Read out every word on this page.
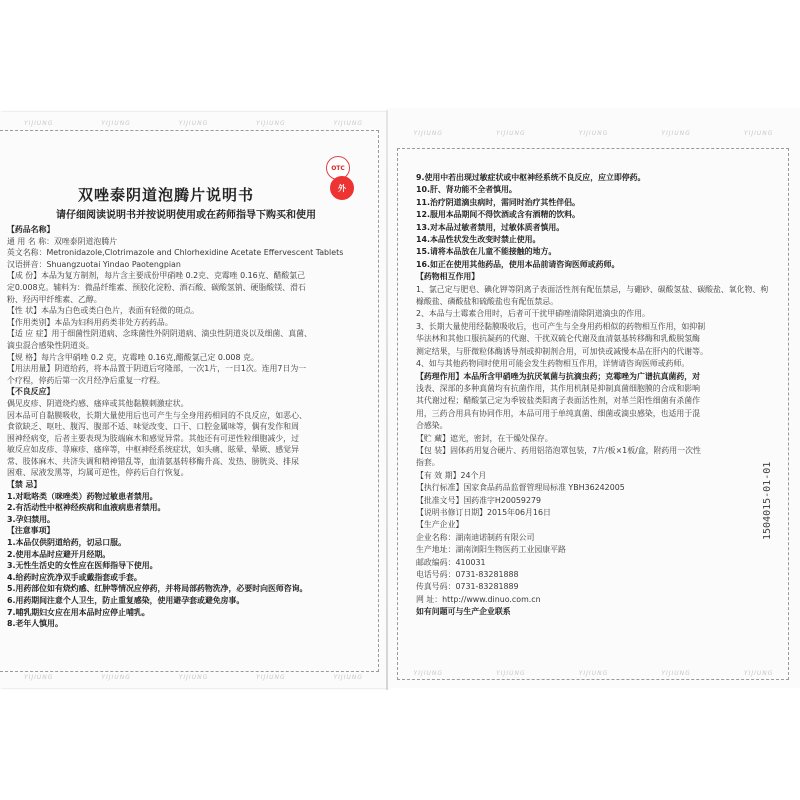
YIJIUNG	YIJIUNG	YIJIUNG	YIJIUNG	YIJIUNG
YIJIUNG	YIJIUNG	YIJIUNG	YIJIUNG	YIJIUNG
YIJIUNG	YIJIUNG	YIJIUNG	YIJIUNG	YIJIUNG
YIJIUNG	YIJIUNG	YIJIUNG	YIJIUNG	YIJIUNG
双唑泰阴道泡腾片说明书
请仔细阅读说明书并按说明使用或在药师指导下购买和使用
OTC
外
【药品名称】
通 用 名 称：双唑泰阴道泡腾片
英文名称：Metronidazole,Clotrimazole and Chlorhexidine Acetate Effervescent Tablets
汉语拼音：Shuangzuotai Yindao Paotengpian
【成 份】本品为复方制剂，每片含主要成份甲硝唑 0.2克、克霉唑 0.16克、醋酸氯己
定0.008克。辅料为：微晶纤维素、预胶化淀粉、酒石酸、碳酸氢钠、硬脂酸镁、滑石
粉、羟丙甲纤维素、乙醇。
【性 状】本品为白色或类白色片，表面有轻微的斑点。
【作用类别】本品为妇科用药类非处方药药品。
【适 应 症】用于细菌性阴道病、念珠菌性外阴阴道病、滴虫性阴道炎以及细菌、真菌、
滴虫混合感染性阴道炎。
【规 格】每片含甲硝唑 0.2 克，克霉唑 0.16克,醋酸氯己定 0.008 克。
【用法用量】阴道给药，将本品置于阴道后穹隆部，一次1片，一日1次。连用7日为一
个疗程，停药后第一次月经净后重复一疗程。
【不良反应】
偶见皮疹、阴道烧灼感、瘙痒或其他黏膜刺激症状。
因本品可自黏膜吸收，长期大量使用后也可产生与全身用药相同的不良反应，如恶心、
食欲缺乏、呕吐、腹泻、腹部不适、味觉改变、口干、口腔金属味等，偶有发作和周
围神经病变，后者主要表现为肢端麻木和感觉异常。其他还有可逆性粒细胞减少，过
敏反应如皮疹、荨麻疹、瘙痒等，中枢神经系统症状，如头痛、眩晕、晕厥、感觉异
常、肢体麻木、共济失调和精神错乱等，血清氨基转移酶升高、发热、膀胱炎、排尿
困难、尿液发黑等，均属可逆性，停药后自行恢复。
【禁 忌】
1.对吡咯类（咪唑类）药物过敏患者禁用。
2.有活动性中枢神经疾病和血液病患者禁用。
3.孕妇禁用。
【注意事项】
1.本品仅供阴道给药，切忌口服。
2.使用本品时应避开月经期。
3.无性生活史的女性应在医师指导下使用。
4.给药时应洗净双手或戴指套或手套。
5.用药部位如有烧灼感、红肿等情况应停药，并将局部药物洗净，必要时向医师咨询。
6.用药期间注意个人卫生，防止重复感染，使用避孕套或避免房事。
7.哺乳期妇女应在用本品时应停止哺乳。
8.老年人慎用。
9.使用中若出现过敏症状或中枢神经系统不良反应，应立即停药。
10.肝、肾功能不全者慎用。
11.治疗阴道滴虫病时，需同时治疗其性伴侣。
12.服用本品期间不得饮酒或含有酒精的饮料。
13.对本品过敏者禁用，过敏体质者慎用。
14.本品性状发生改变时禁止使用。
15.请将本品放在儿童不能接触的地方。
16.如正在使用其他药品，使用本品前请咨询医师或药师。
【药物相互作用】
1、氯己定与肥皂、碘化钾等阴离子表面活性剂有配伍禁忌，与硼砂、碳酸氢盐、碳酸盐、氧化物、枸
橼酸盐、磷酸盐和硫酸盐也有配伍禁忌。
2、本品与土霉素合用时，后者可干扰甲硝唑清除阴道滴虫的作用。
3、长期大量使用经黏膜吸收后，也可产生与全身用药相似的药物相互作用，如抑制
华法林和其他口服抗凝药的代谢、干扰双硫仑代谢及血清氨基转移酶和乳酸脱氢酶
测定结果，与肝微粒体酶诱导剂或抑制剂合用，可加快或减慢本品在肝内的代谢等。
4、如与其他药物同时使用可能会发生药物相互作用，详情请咨询医师或药师。
【药理作用】本品所含甲硝唑为抗厌氧菌与抗滴虫药；克霉唑为广谱抗真菌药，对
浅表、深部的多种真菌均有抗菌作用，其作用机制是抑制真菌细胞膜的合成和影响
其代谢过程；醋酸氯己定为季铵盐类阳离子表面活性剂，对革兰阳性细菌有杀菌作
用，三药合用具有协同作用，本品可用于单纯真菌、细菌或滴虫感染，也适用于混
合感染。
【贮 藏】遮光，密封，在干燥处保存。
【包 装】固体药用复合硬片、药用铝箔泡罩包装，7片/板×1板/盒，附药用一次性
指套。
【有 效 期】24个月
【执行标准】国家食品药品监督管理局标准 YBH36242005
【批准文号】国药准字H20059279
【说明书修订日期】2015年06月16日
【生产企业】
企业名称：湖南迪诺制药有限公司
生产地址：湖南浏阳生物医药工业园康平路
邮政编码：410031
电话号码：0731-83281888
传真号码：0731-83281889
网 址：http://www.dinuo.com.cn
如有问题可与生产企业联系
1504015-01-01
